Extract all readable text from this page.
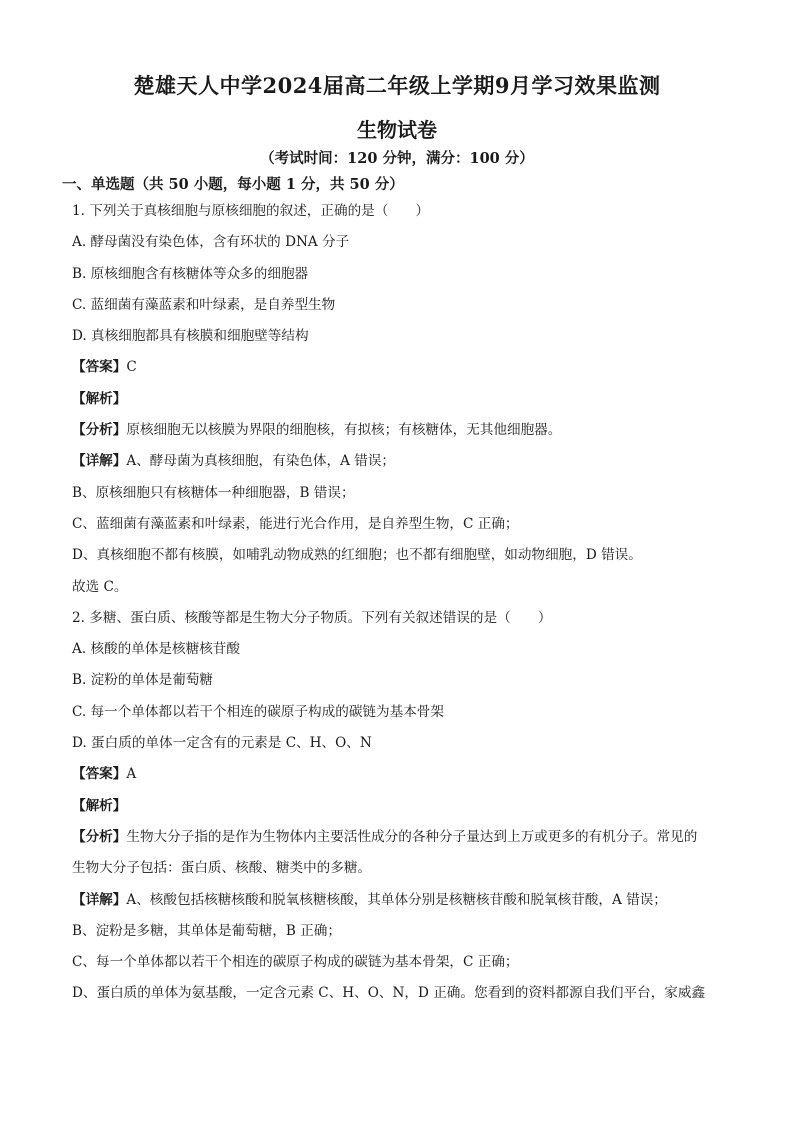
楚雄天人中学2024届高二年级上学期9月学习效果监测
生物试卷
（考试时间：120 分钟，满分：100 分）
一、单选题（共 50 小题，每小题 1 分，共 50 分）
1. 下列关于真核细胞与原核细胞的叙述，正确的是（　　）
A. 酵母菌没有染色体，含有环状的 DNA 分子
B. 原核细胞含有核糖体等众多的细胞器
C. 蓝细菌有藻蓝素和叶绿素，是自养型生物
D. 真核细胞都具有核膜和细胞壁等结构
【答案】C
【解析】
【分析】原核细胞无以核膜为界限的细胞核，有拟核；有核糖体，无其他细胞器。
【详解】A、酵母菌为真核细胞，有染色体，A 错误；
B、原核细胞只有核糖体一种细胞器，B 错误；
C、蓝细菌有藻蓝素和叶绿素，能进行光合作用，是自养型生物，C 正确；
D、真核细胞不都有核膜，如哺乳动物成熟的红细胞；也不都有细胞壁，如动物细胞，D 错误。
故选 C。
2. 多糖、蛋白质、核酸等都是生物大分子物质。下列有关叙述错误的是（　　）
A. 核酸的单体是核糖核苷酸
B. 淀粉的单体是葡萄糖
C. 每一个单体都以若干个相连的碳原子构成的碳链为基本骨架
D. 蛋白质的单体一定含有的元素是 C、H、O、N
【答案】A
【解析】
【分析】生物大分子指的是作为生物体内主要活性成分的各种分子量达到上万或更多的有机分子。常见的
生物大分子包括：蛋白质、核酸、糖类中的多糖。
【详解】A、核酸包括核糖核酸和脱氧核糖核酸，其单体分别是核糖核苷酸和脱氧核苷酸，A 错误；
B、淀粉是多糖，其单体是葡萄糖，B 正确；
C、每一个单体都以若干个相连的碳原子构成的碳链为基本骨架，C 正确；
D、蛋白质的单体为氨基酸，一定含元素 C、H、O、N，D 正确。您看到的资料都源自我们平台，家威鑫
